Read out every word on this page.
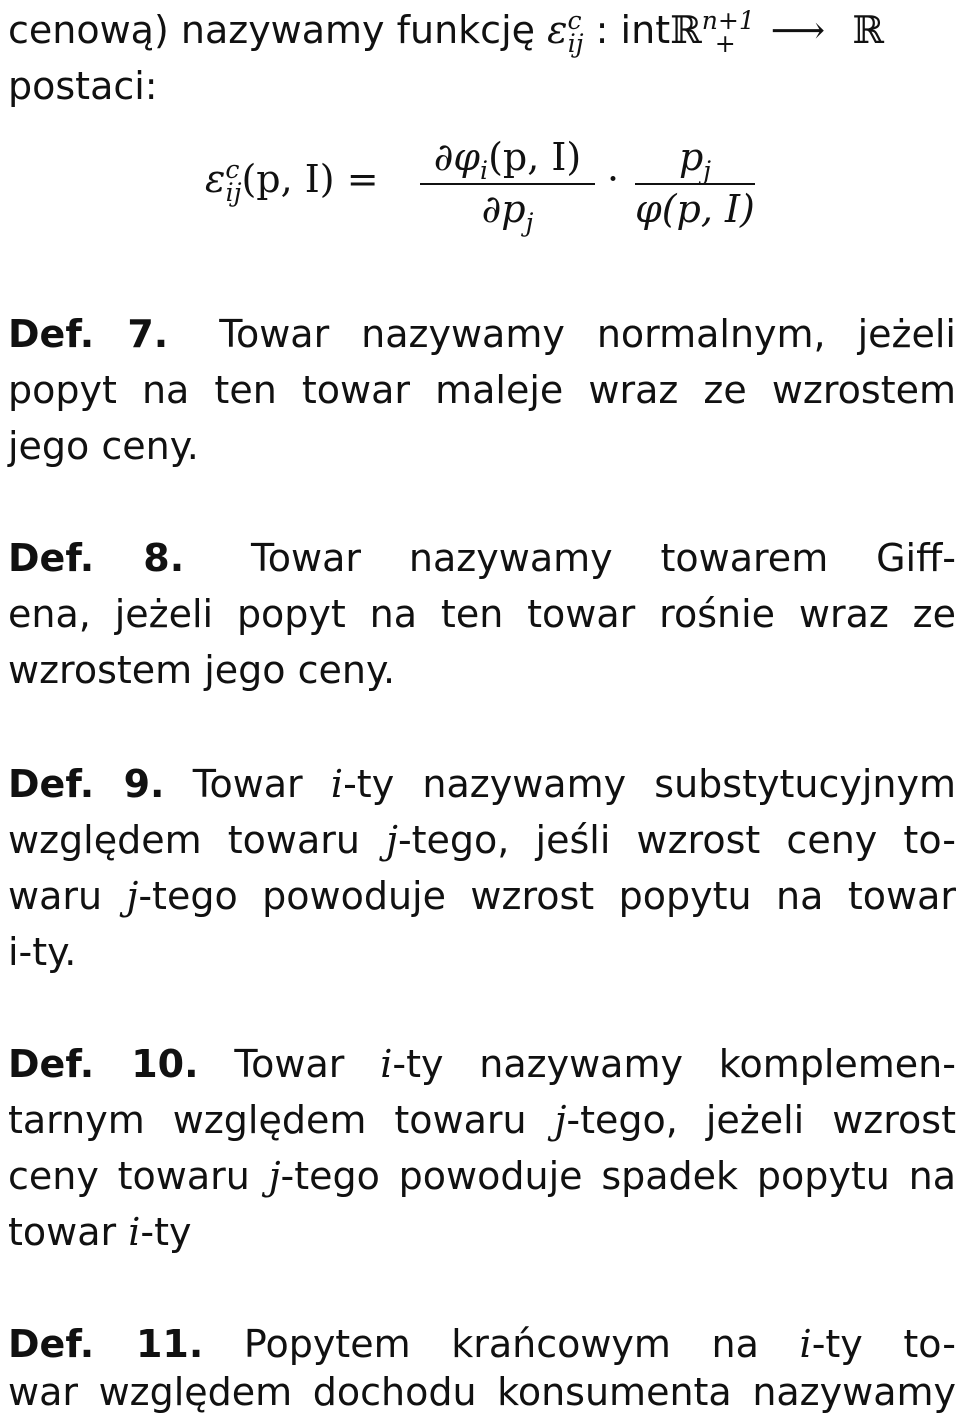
cenową) nazywamy funkcję $\varepsilon^c_{ij}$ : intℝ$^{n+1}_+$ ⟶ ℝ
postaci:
$\varepsilon^c_{ij}(p$, I) =	$\partial\varphi_i(p$, I)
$\partial p_j$
·	$p_j$
φ(p, I)
Def. 7. Towar nazywamy normalnym, jeżeli
popyt na ten towar maleje wraz ze wzrostem
jego ceny.
Def. 8. Towar nazywamy towarem Giff-
ena, jeżeli popyt na ten towar rośnie wraz ze
wzrostem jego ceny.
Def. 9. Towar i-ty nazywamy substytucyjnym
względem towaru j-tego, jeśli wzrost ceny to-
waru j-tego powoduje wzrost popytu na towar
i-ty.
Def. 10. Towar i-ty nazywamy komplemen-
tarnym względem towaru j-tego, jeżeli wzrost
ceny towaru j-tego powoduje spadek popytu na
towar i-ty
Def. 11. Popytem krańcowym na i-ty to-
war względem dochodu konsumenta nazywamy
